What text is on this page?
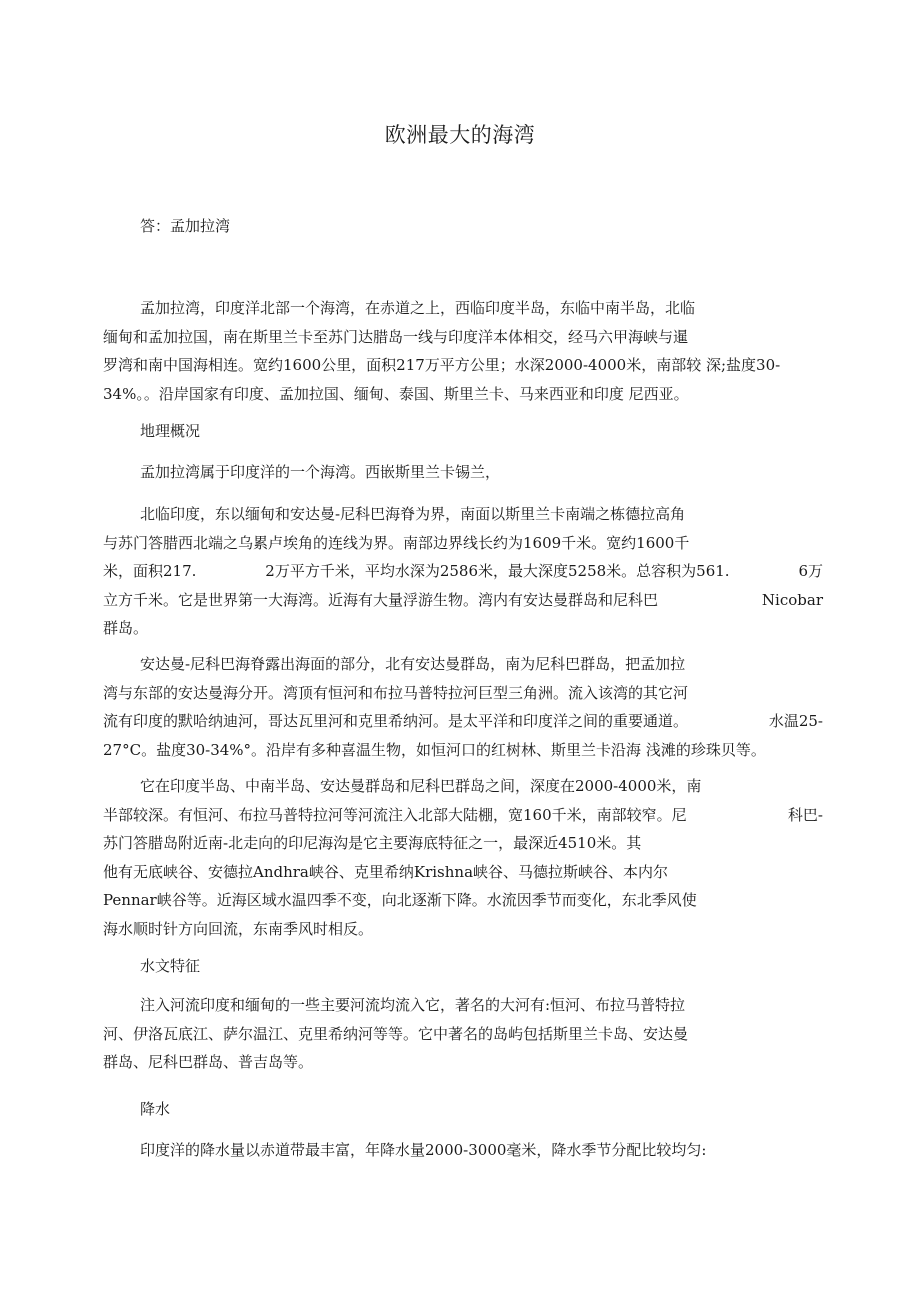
欧洲最大的海湾
答：孟加拉湾
孟加拉湾，印度洋北部一个海湾，在赤道之上，西临印度半岛，东临中南半岛，北临
缅甸和孟加拉国，南在斯里兰卡至苏门达腊岛一线与印度洋本体相交，经马六甲海峡与暹
罗湾和南中国海相连。宽约1600公里，面积217万平方公里；水深2000-4000米，南部较 深;盐度30-
34%。。沿岸国家有印度、孟加拉国、缅甸、泰国、斯里兰卡、马来西亚和印度 尼西亚。
地理概况
孟加拉湾属于印度洋的一个海湾。西嵌斯里兰卡锡兰，
北临印度，东以缅甸和安达曼-尼科巴海脊为界，南面以斯里兰卡南端之栋德拉高角
与苏门答腊西北端之乌累卢埃角的连线为界。南部边界线长约为1609千米。宽约1600千
米，面积217.	2万平方千米，平均水深为2586米，最大深度5258米。总容积为561.	6万
立方千米。它是世界第一大海湾。近海有大量浮游生物。湾内有安达曼群岛和尼科巴	Nicobar
群岛。
安达曼-尼科巴海脊露出海面的部分，北有安达曼群岛，南为尼科巴群岛，把孟加拉
湾与东部的安达曼海分开。湾顶有恒河和布拉马普特拉河巨型三角洲。流入该湾的其它河
流有印度的默哈纳迪河，哥达瓦里河和克里希纳河。是太平洋和印度洋之间的重要通道。	水温25-
27°C。盐度30-34%°。沿岸有多种喜温生物，如恒河口的红树林、斯里兰卡沿海 浅滩的珍珠贝等。
它在印度半岛、中南半岛、安达曼群岛和尼科巴群岛之间，深度在2000-4000米，南
半部较深。有恒河、布拉马普特拉河等河流注入北部大陆棚，宽160千米，南部较窄。尼	科巴-
苏门答腊岛附近南-北走向的印尼海沟是它主要海底特征之一，最深近4510米。其
他有无底峡谷、安德拉Andhra峡谷、克里希纳Krishna峡谷、马德拉斯峡谷、本内尔
Pennar峡谷等。近海区域水温四季不变，向北逐渐下降。水流因季节而变化，东北季风使
海水顺时针方向回流，东南季风时相反。
水文特征
注入河流印度和缅甸的一些主要河流均流入它，著名的大河有:恒河、布拉马普特拉
河、伊洛瓦底江、萨尔温江、克里希纳河等等。它中著名的岛屿包括斯里兰卡岛、安达曼
群岛、尼科巴群岛、普吉岛等。
降水
印度洋的降水量以赤道带最丰富，年降水量2000-3000毫米，降水季节分配比较均匀:
